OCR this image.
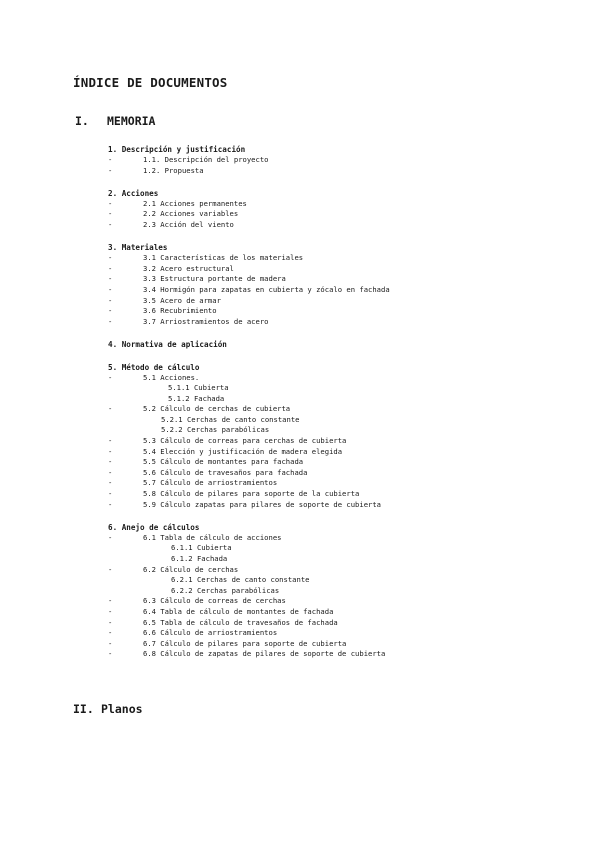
ÍNDICE DE DOCUMENTOS
I. MEMORIA
1. Descripción y justificación
-	1.1. Descripción del proyecto
-	1.2. Propuesta
2. Acciones
-	2.1 Acciones permanentes
-	2.2 Acciones variables
-	2.3 Acción del viento
3. Materiales
-	3.1 Características de los materiales
-	3.2 Acero estructural
-	3.3 Estructura portante de madera
-	3.4 Hormigón para zapatas en cubierta y zócalo en fachada
-	3.5 Acero de armar
-	3.6 Recubrimiento
-	3.7 Arriostramientos de acero
4. Normativa de aplicación
5. Método de cálculo
-	5.1 Acciones.
5.1.1 Cubierta
5.1.2 Fachada
-	5.2 Cálculo de cerchas de cubierta
5.2.1 Cerchas de canto constante
5.2.2 Cerchas parabólicas
-	5.3 Cálculo de correas para cerchas de cubierta
-	5.4 Elección y justificación de madera elegida
-	5.5 Cálculo de montantes para fachada
-	5.6 Cálculo de travesaños para fachada
-	5.7 Cálculo de arriostramientos
-	5.8 Cálculo de pilares para soporte de la cubierta
-	5.9 Cálculo zapatas para pilares de soporte de cubierta
6. Anejo de cálculos
-	6.1 Tabla de cálculo de acciones
6.1.1 Cubierta
6.1.2 Fachada
-	6.2 Cálculo de cerchas
6.2.1 Cerchas de canto constante
6.2.2 Cerchas parabólicas
-	6.3 Cálculo de correas de cerchas
-	6.4 Tabla de cálculo de montantes de fachada
-	6.5 Tabla de cálculo de travesaños de fachada
-	6.6 Cálculo de arriostramientos
-	6.7 Cálculo de pilares para soporte de cubierta
-	6.8 Cálculo de zapatas de pilares de soporte de cubierta
II. Planos
